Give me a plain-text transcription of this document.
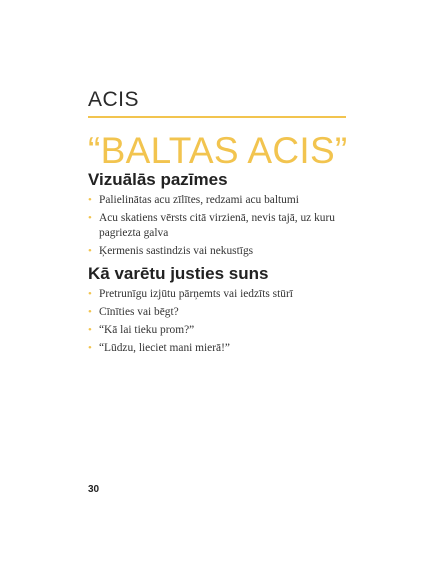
ACIS
“BALTAS ACIS”
Vizuālās pazīmes
• Palielinātas acu zīlītes, redzami acu baltumi
• Acu skatiens vērsts citā virzienā, nevis tajā, uz kuru pagriezta galva
• Ķermenis sastindzis vai nekustīgs
Kā varētu justies suns
• Pretrunīgu izjūtu pārņemts vai iedzīts stūrī
• Cīnīties vai bēgt?
• “Kā lai tieku prom?”
• “Lūdzu, lieciet mani mierā!”
30
